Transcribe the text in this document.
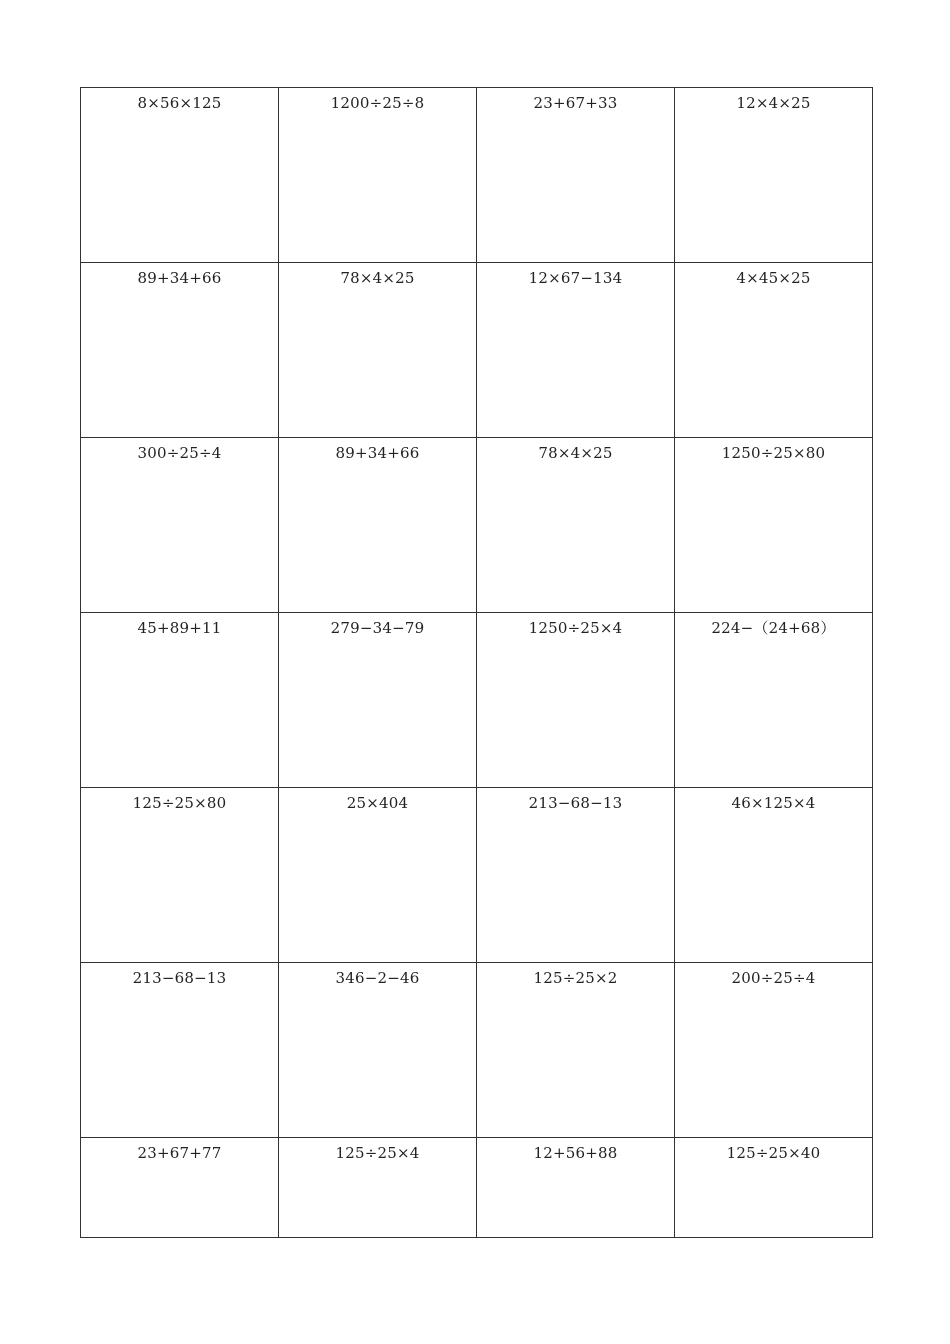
8×56×125	1200÷25÷8	23+67+33	12×4×25

89+34+66	78×4×25	12×67−134	4×45×25

300÷25÷4	89+34+66	78×4×25	1250÷25×80

45+89+11	279−34−79	1250÷25×4	224−（24+68）

125÷25×80	25×404	213−68−13	46×125×4

213−68−13	346−2−46	125÷25×2	200÷25÷4

23+67+77	125÷25×4	12+56+88	125÷25×40
